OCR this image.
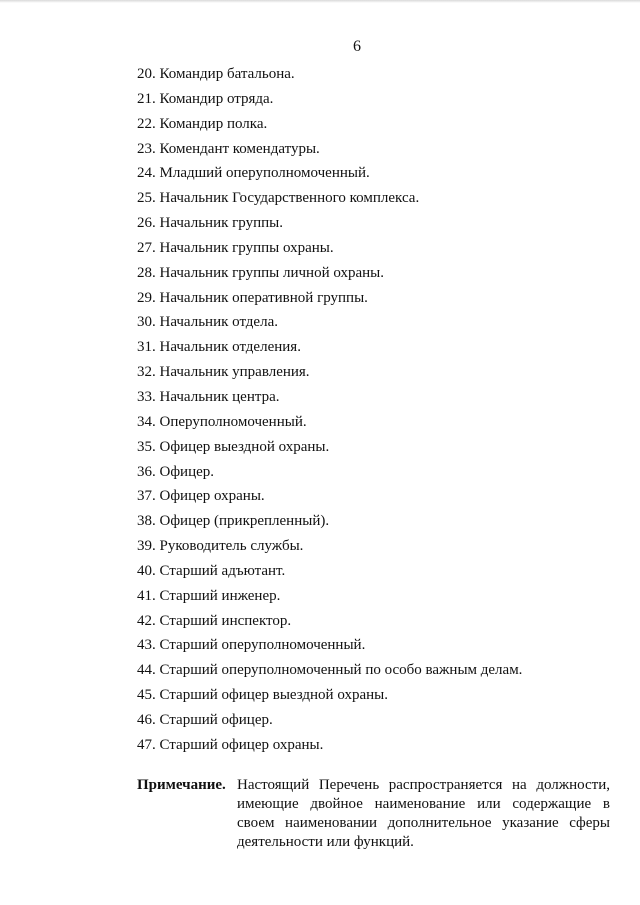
6
20. Командир батальона.
21. Командир отряда.
22. Командир полка.
23. Комендант комендатуры.
24. Младший оперуполномоченный.
25. Начальник Государственного комплекса.
26. Начальник группы.
27. Начальник группы охраны.
28. Начальник группы личной охраны.
29. Начальник оперативной группы.
30. Начальник отдела.
31. Начальник отделения.
32. Начальник управления.
33. Начальник центра.
34. Оперуполномоченный.
35. Офицер выездной охраны.
36. Офицер.
37. Офицер охраны.
38. Офицер (прикрепленный).
39. Руководитель службы.
40. Старший адъютант.
41. Старший инженер.
42. Старший инспектор.
43. Старший оперуполномоченный.
44. Старший оперуполномоченный по особо важным делам.
45. Старший офицер выездной охраны.
46. Старший офицер.
47. Старший офицер охраны.
Примечание. Настоящий Перечень распространяется на должности, имеющие двойное наименование или содержащие в своем наименовании дополнительное указание сферы деятельности или функций.
